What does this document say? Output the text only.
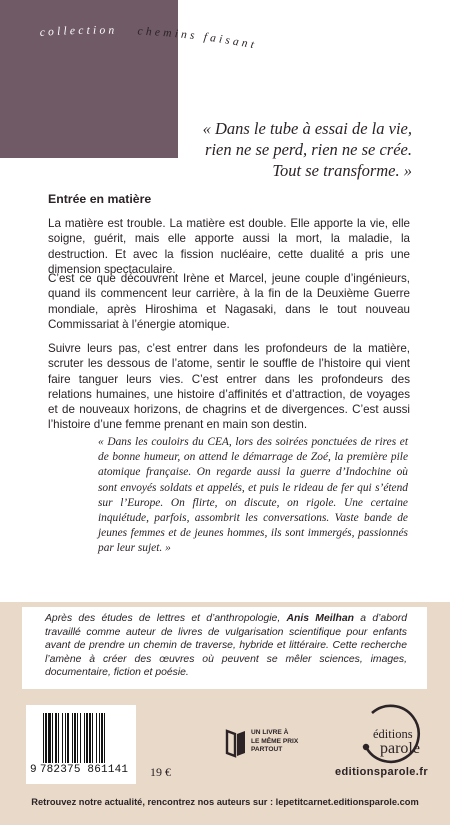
collection chemins faisant
« Dans le tube à essai de la vie,
rien ne se perd, rien ne se crée.
Tout se transforme. »
Entrée en matière

La matière est trouble. La matière est double. Elle apporte la vie, elle soigne, guérit, mais elle apporte aussi la mort, la maladie, la destruction. Et avec la fission nucléaire, cette dualité a pris une dimension spectaculaire.

C’est ce que découvrent Irène et Marcel, jeune couple d’ingénieurs, quand ils commencent leur carrière, à la fin de la Deuxième Guerre mondiale, après Hiroshima et Nagasaki, dans le tout nouveau Commissariat à l’énergie atomique.

Suivre leurs pas, c’est entrer dans les profondeurs de la matière, scruter les dessous de l’atome, sentir le souffle de l’histoire qui vient faire tanguer leurs vies. C’est entrer dans les profondeurs des relations humaines, une histoire d’affinités et d’attraction, de voyages et de nouveaux horizons, de chagrins et de divergences. C’est aussi l’histoire d’une femme prenant en main son destin.

« Dans les couloirs du CEA, lors des soirées ponctuées de rires et de bonne humeur, on attend le démarrage de Zoé, la première pile atomique française. On regarde aussi la guerre d’Indochine où sont envoyés soldats et appelés, et puis le rideau de fer qui s’étend sur l’Europe. On flirte, on discute, on rigole. Une certaine inquiétude, parfois, assombrit les conversations. Vaste bande de jeunes femmes et de jeunes hommes, ils sont immergés, passionnés par leur sujet. »

Après des études de lettres et d’anthropologie, Anis Meilhan a d’abord travaillé comme auteur de livres de vulgarisation scientifique pour enfants avant de prendre un chemin de traverse, hybride et littéraire. Cette recherche l’amène à créer des œuvres où peuvent se mêler sciences, images, documentaire, fiction et poésie.

9 782375 861141	19 €
UN LIVRE À
LE MÊME PRIX
PARTOUT
éditions
parole
editionsparole.fr
Retrouvez notre actualité, rencontrez nos auteurs sur : lepetitcarnet.editionsparole.com
